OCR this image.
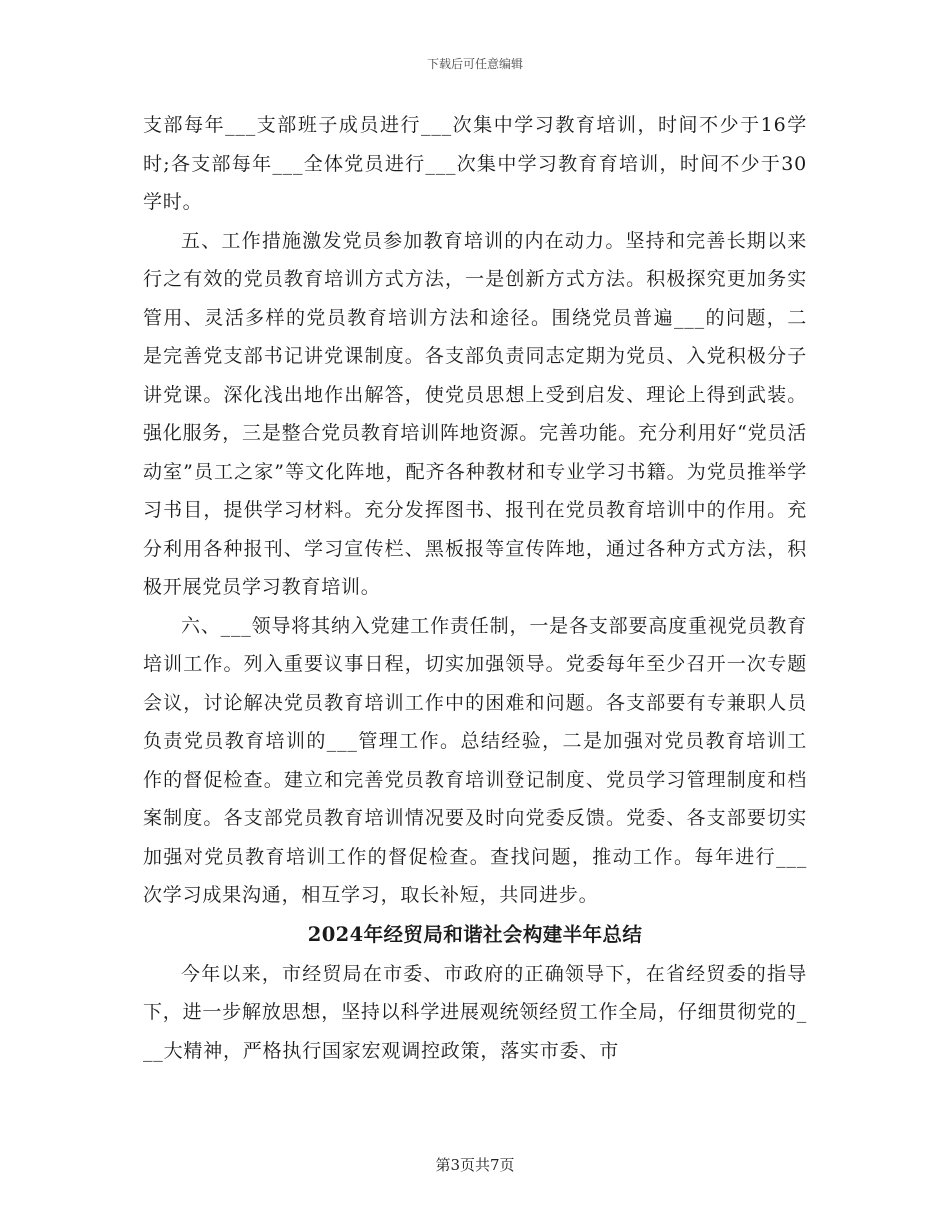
下载后可任意编辑

支部每年___支部班子成员进行___次集中学习教育培训，时间不少于16学时;各支部每年___全体党员进行___次集中学习教育育培训，时间不少于30学时。

五、工作措施激发党员参加教育培训的内在动力。坚持和完善长期以来行之有效的党员教育培训方式方法，一是创新方式方法。积极探究更加务实管用、灵活多样的党员教育培训方法和途径。围绕党员普遍___的问题，二是完善党支部书记讲党课制度。各支部负责同志定期为党员、入党积极分子讲党课。深化浅出地作出解答，使党员思想上受到启发、理论上得到武装。强化服务，三是整合党员教育培训阵地资源。完善功能。充分利用好“党员活动室”员工之家”等文化阵地，配齐各种教材和专业学习书籍。为党员推举学习书目，提供学习材料。充分发挥图书、报刊在党员教育培训中的作用。充分利用各种报刊、学习宣传栏、黑板报等宣传阵地，通过各种方式方法，积极开展党员学习教育培训。

六、___领导将其纳入党建工作责任制，一是各支部要高度重视党员教育培训工作。列入重要议事日程，切实加强领导。党委每年至少召开一次专题会议，讨论解决党员教育培训工作中的困难和问题。各支部要有专兼职人员负责党员教育培训的___管理工作。总结经验，二是加强对党员教育培训工作的督促检查。建立和完善党员教育培训登记制度、党员学习管理制度和档案制度。各支部党员教育培训情况要及时向党委反馈。党委、各支部要切实加强对党员教育培训工作的督促检查。查找问题，推动工作。每年进行___次学习成果沟通，相互学习，取长补短，共同进步。

2024年经贸局和谐社会构建半年总结

今年以来，市经贸局在市委、市政府的正确领导下，在省经贸委的指导下，进一步解放思想，坚持以科学进展观统领经贸工作全局，仔细贯彻党的___大精神，严格执行国家宏观调控政策，落实市委、市

第3页共7页
